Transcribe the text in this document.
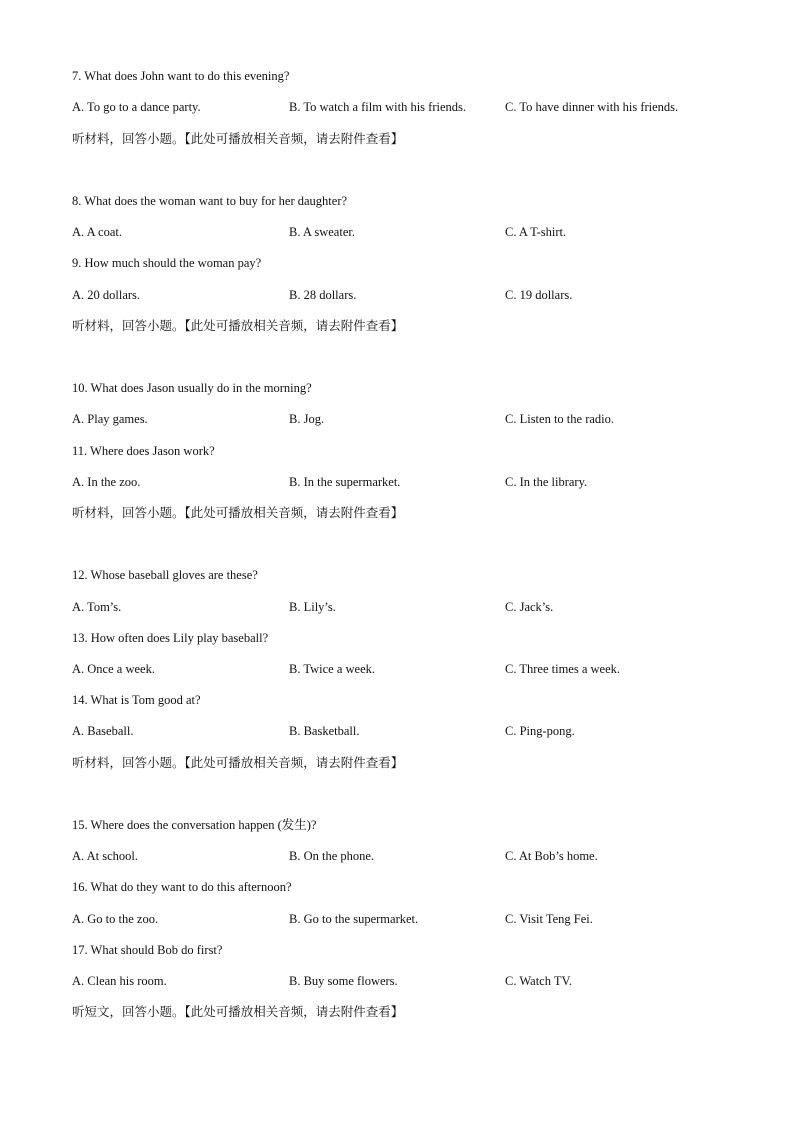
7. What does John want to do this evening?
A. To go to a dance party.	B. To watch a film with his friends.	C. To have dinner with his friends.
听材料，回答小题。【此处可播放相关音频，请去附件查看】
8. What does the woman want to buy for her daughter?
A. A coat.	B. A sweater.	C. A T-shirt.
9. How much should the woman pay?
A. 20 dollars.	B. 28 dollars.	C. 19 dollars.
听材料，回答小题。【此处可播放相关音频，请去附件查看】
10. What does Jason usually do in the morning?
A. Play games.	B. Jog.	C. Listen to the radio.
11. Where does Jason work?
A. In the zoo.	B. In the supermarket.	C. In the library.
听材料，回答小题。【此处可播放相关音频，请去附件查看】
12. Whose baseball gloves are these?
A. Tom’s.	B. Lily’s.	C. Jack’s.
13. How often does Lily play baseball?
A. Once a week.	B. Twice a week.	C. Three times a week.
14. What is Tom good at?
A. Baseball.	B. Basketball.	C. Ping-pong.
听材料，回答小题。【此处可播放相关音频，请去附件查看】
15. Where does the conversation happen (发生)?
A. At school.	B. On the phone.	C. At Bob’s home.
16. What do they want to do this afternoon?
A. Go to the zoo.	B. Go to the supermarket.	C. Visit Teng Fei.
17. What should Bob do first?
A. Clean his room.	B. Buy some flowers.	C. Watch TV.
听短文，回答小题。【此处可播放相关音频，请去附件查看】
